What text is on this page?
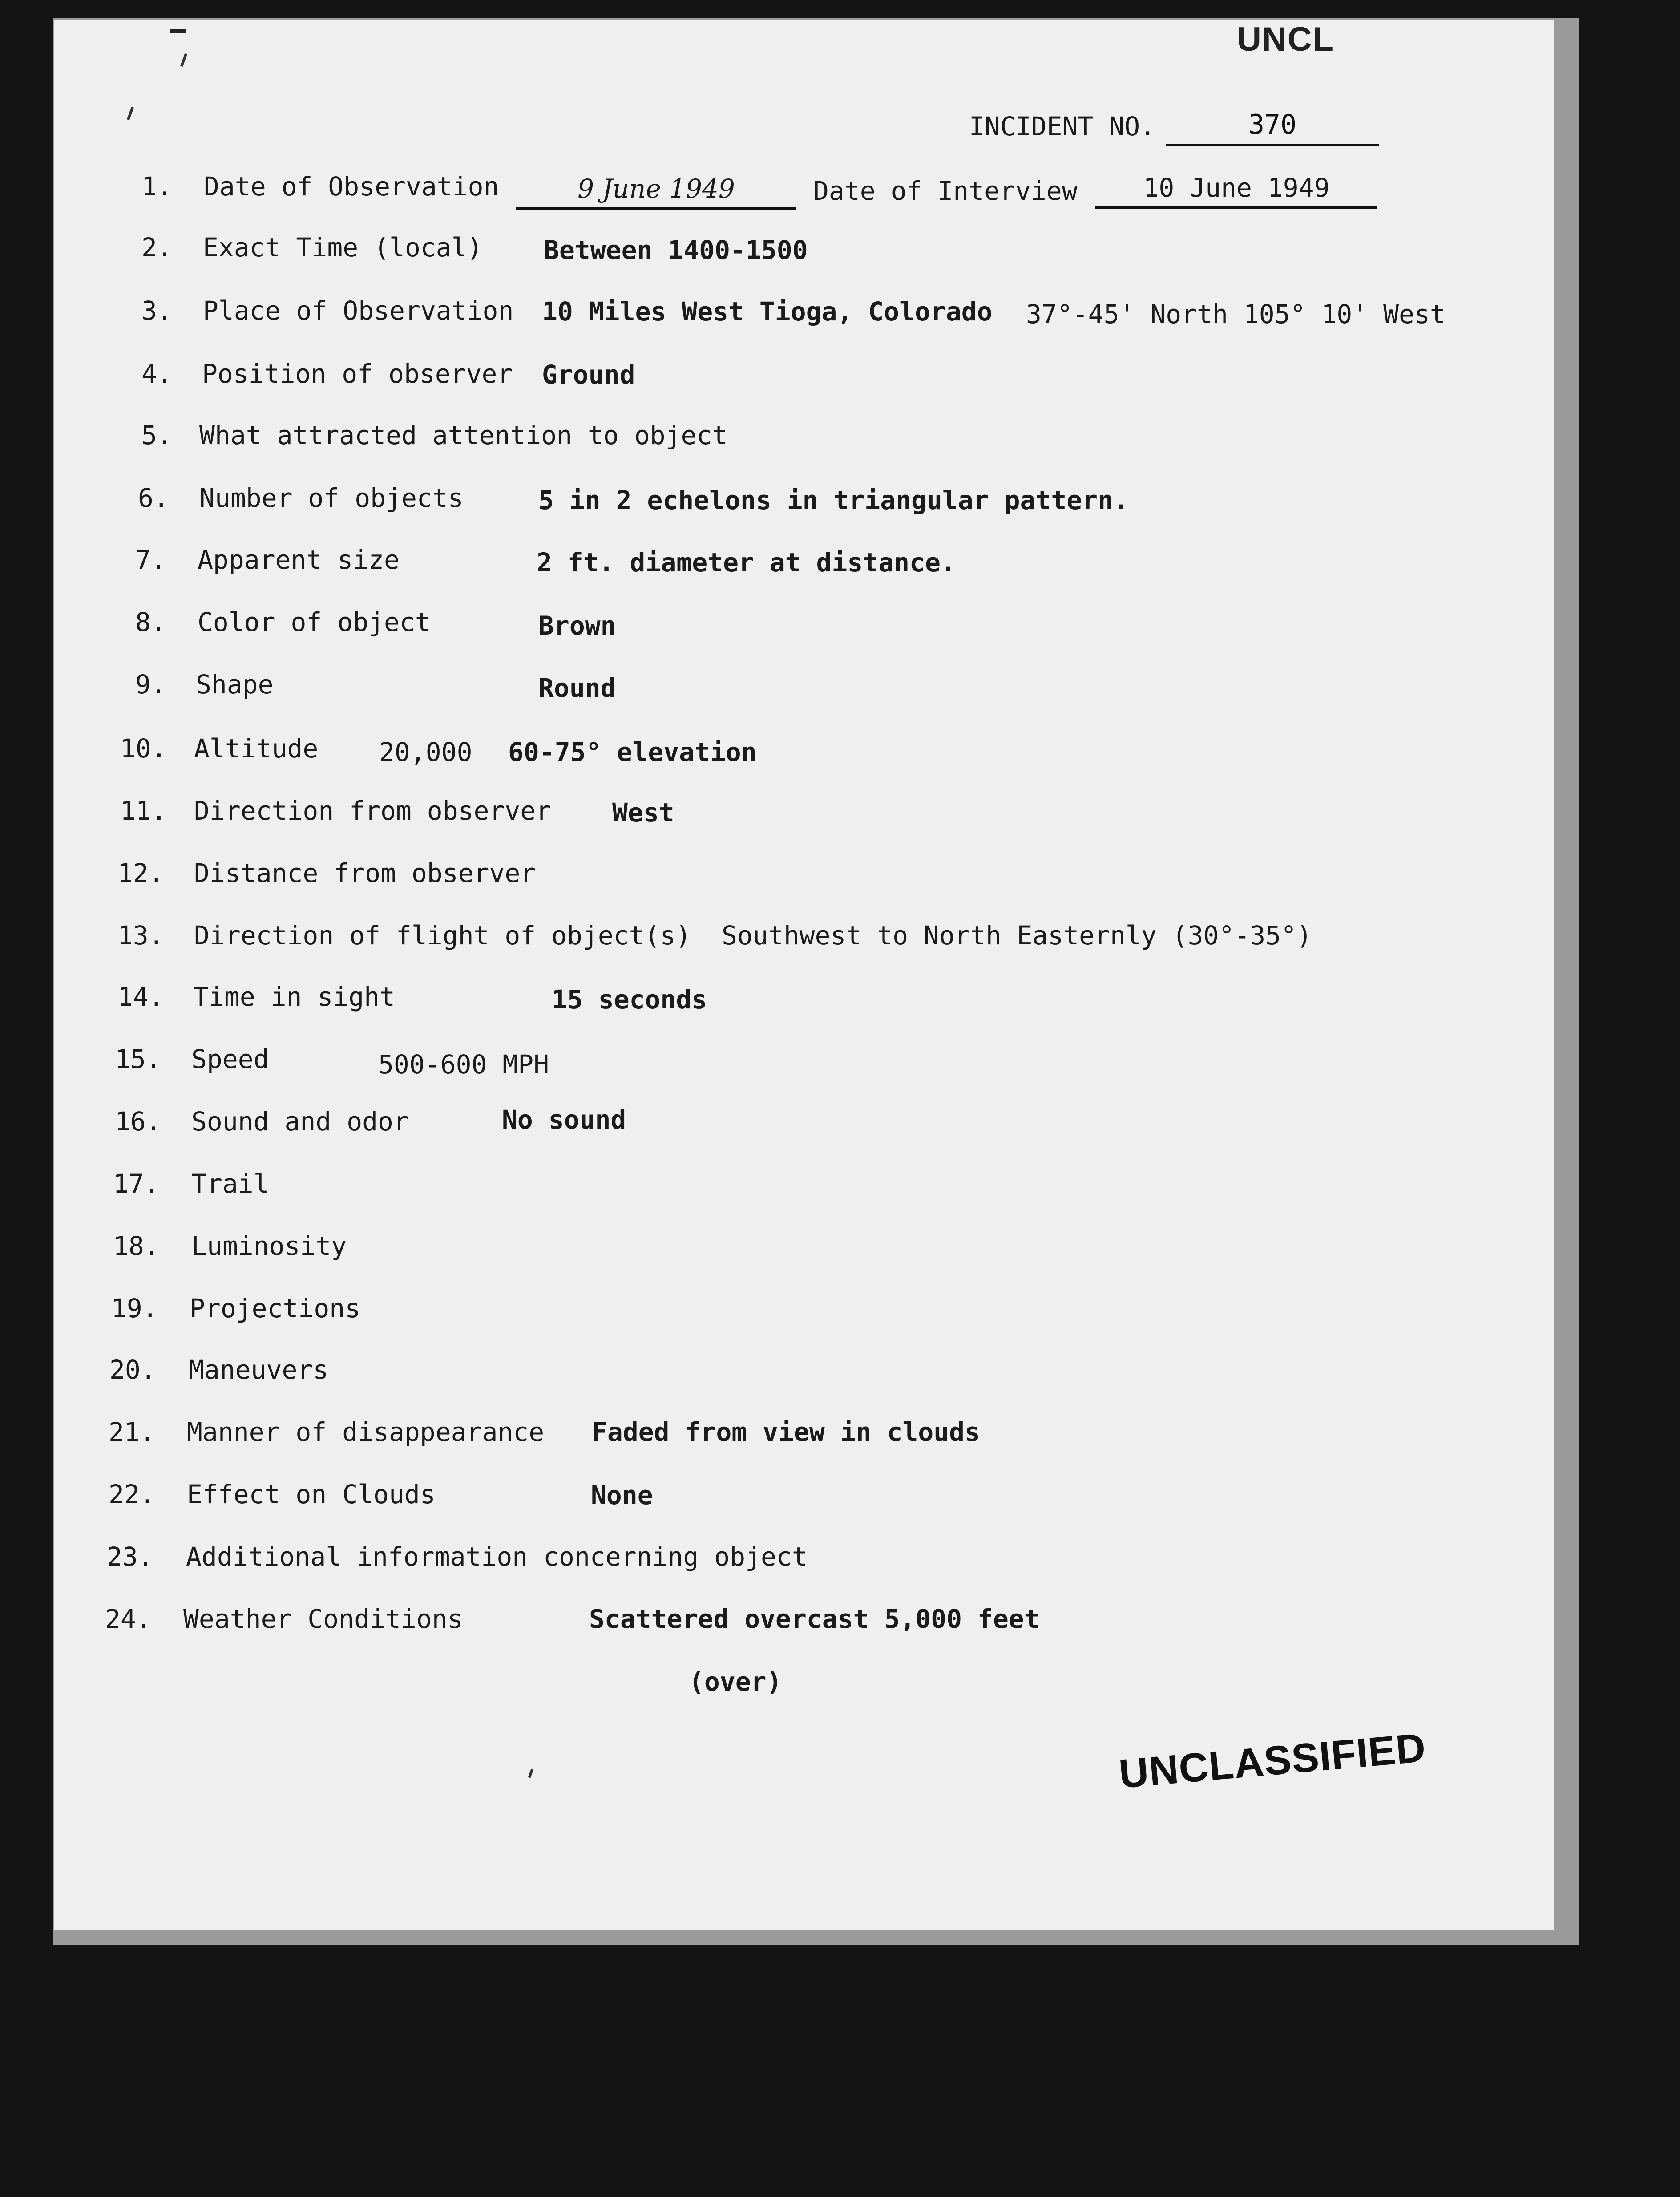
UNCL
INCIDENT NO.	370
1. Date of Observation	9 June 1949	Date of Interview	10 June 1949
2. Exact Time (local) Between 1400-1500
3. Place of Observation 10 Miles West Tioga, Colorado 37°-45' North 105° 10' West
4. Position of observer Ground
5. What attracted attention to object
6. Number of objects	5 in 2 echelons in triangular pattern.
7. Apparent size	2 ft. diameter at distance.
8. Color of object	Brown
9. Shape	Round
10. Altitude 20,000 60-75° elevation
11. Direction from observer West
12. Distance from observer
13. Direction of flight of object(s) Southwest to North Easternly (30°-35°)
14. Time in sight	15 seconds
15. Speed	500-600 MPH
16. Sound and odor	No sound
17. Trail
18. Luminosity
19. Projections
20. Maneuvers
21. Manner of disappearance Faded from view in clouds
22. Effect on Clouds	None
23. Additional information concerning object
24. Weather Conditions	Scattered overcast 5,000 feet
(over)
UNCLASSIFIED
